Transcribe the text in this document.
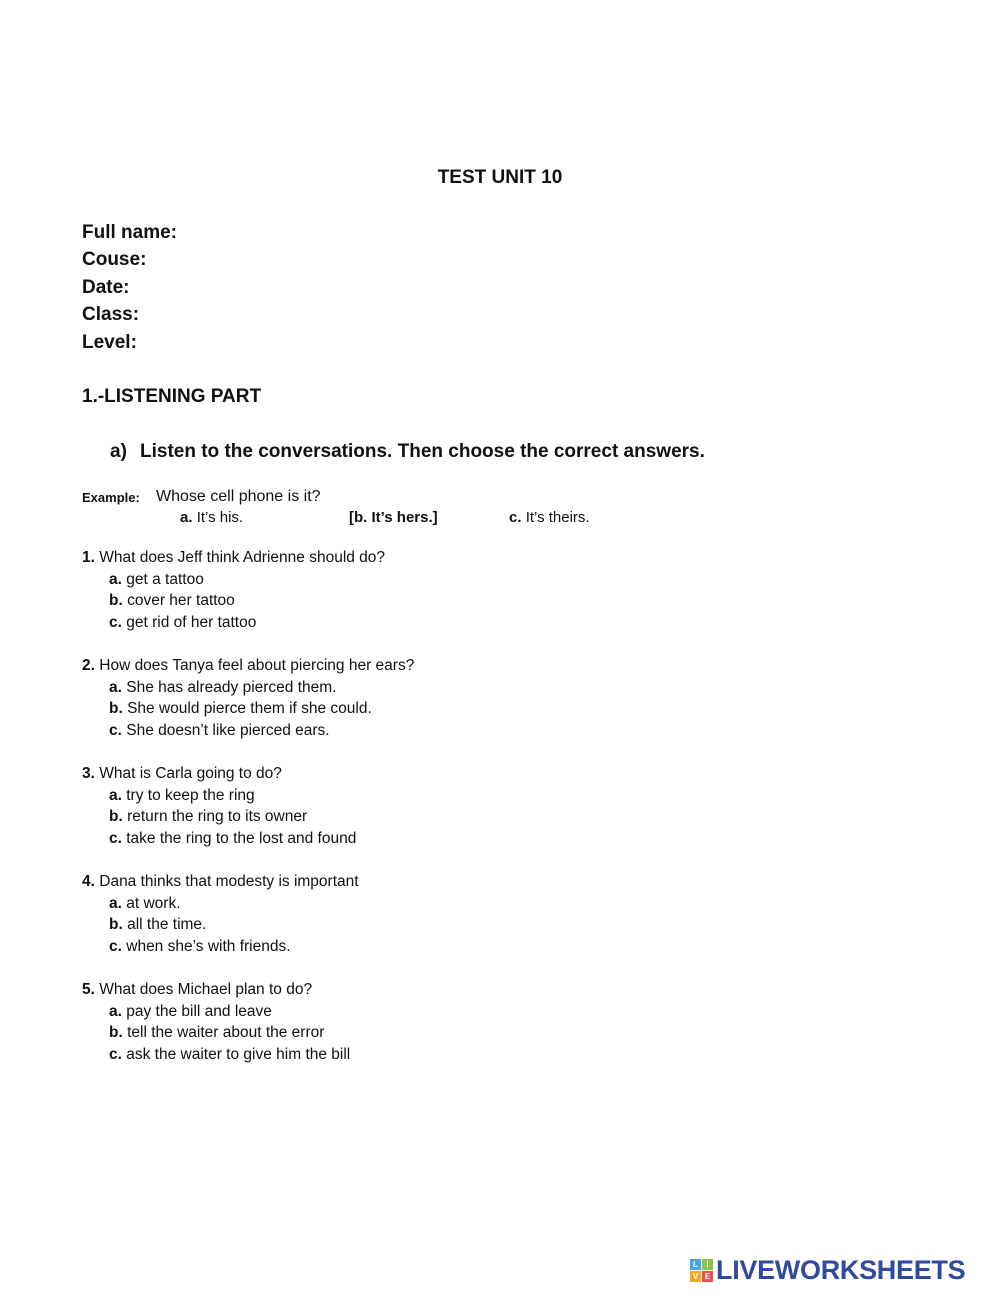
TEST UNIT 10
Full name:
Couse:
Date:
Class:
Level:
1.-LISTENING PART
a) Listen to the conversations. Then choose the correct answers.
Example: Whose cell phone is it?
a. It’s his.	[b. It’s hers.]	c. It’s theirs.
1. What does Jeff think Adrienne should do?
a. get a tattoo
b. cover her tattoo
c. get rid of her tattoo
2. How does Tanya feel about piercing her ears?
a. She has already pierced them.
b. She would pierce them if she could.
c. She doesn’t like pierced ears.
3. What is Carla going to do?
a. try to keep the ring
b. return the ring to its owner
c. take the ring to the lost and found
4. Dana thinks that modesty is important
a. at work.
b. all the time.
c. when she’s with friends.
5. What does Michael plan to do?
a. pay the bill and leave
b. tell the waiter about the error
c. ask the waiter to give him the bill
L	I
V E LIVEWORKSHEETS
